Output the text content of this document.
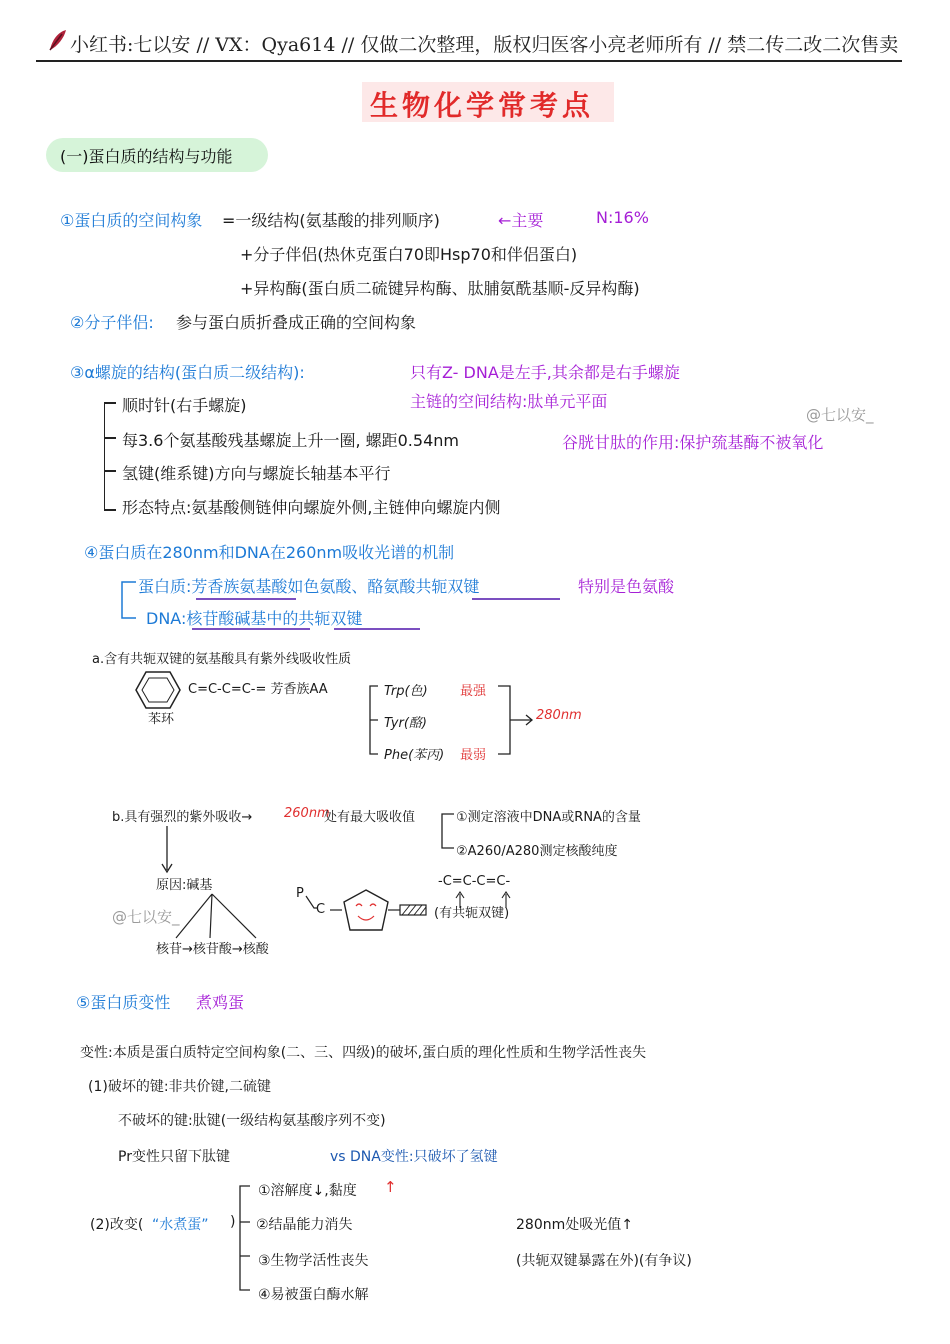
小红书:七以安 // VX：Qya614 // 仅做二次整理，版权归医客小亮老师所有 // 禁二传二改二次售卖
生物化学常考点
(一)蛋白质的结构与功能
①蛋白质的空间构象 =一级结构(氨基酸的排列顺序)	←主要	N:16%
+分子伴侣(热休克蛋白70即Hsp70和伴侣蛋白)
+异构酶(蛋白质二硫键异构酶、肽脯氨酰基顺-反异构酶)
②分子伴侣: 参与蛋白质折叠成正确的空间构象
③α螺旋的结构(蛋白质二级结构):	只有Z- DNA是左手,其余都是右手螺旋
主链的空间结构:肽单元平面
@七以安_
谷胱甘肽的作用:保护巯基酶不被氧化
顺时针(右手螺旋)
每3.6个氨基酸残基螺旋上升一圈, 螺距0.54nm
氢键(维系键)方向与螺旋长轴基本平行
形态特点:氨基酸侧链伸向螺旋外侧,主链伸向螺旋内侧
④蛋白质在280nm和DNA在260nm吸收光谱的机制
蛋白质:芳香族氨基酸如色氨酸、酪氨酸共轭双键	特别是色氨酸
DNA:核苷酸碱基中的共轭双键
a.含有共轭双键的氨基酸具有紫外线吸收性质
C=C-C=C-= 芳香族AA
苯环
Trp(色)
Tyr(酪)
Phe(苯丙)
最强
最弱
280nm
b.具有强烈的紫外吸收→ 260nm
处有最大吸收值	①测定溶液中DNA或RNA的含量
②A260/A280测定核酸纯度
原因:碱基
@七以安_
核苷→核苷酸→核酸
P
C
-C=C-C=C-
(有共轭双键)
⑤蛋白质变性 煮鸡蛋
变性:本质是蛋白质特定空间构象(二、三、四级)的破坏,蛋白质的理化性质和生物学活性丧失
(1)破坏的键:非共价键,二硫键
不破坏的键:肽键(一级结构氨基酸序列不变)
Pr变性只留下肽键	vs DNA变性:只破坏了氢键
(2)改变( “水煮蛋” )
①溶解度↓,黏度 ↑
②结晶能力消失
③生物学活性丧失
④易被蛋白酶水解
280nm处吸光值↑
(共轭双键暴露在外)(有争议)
